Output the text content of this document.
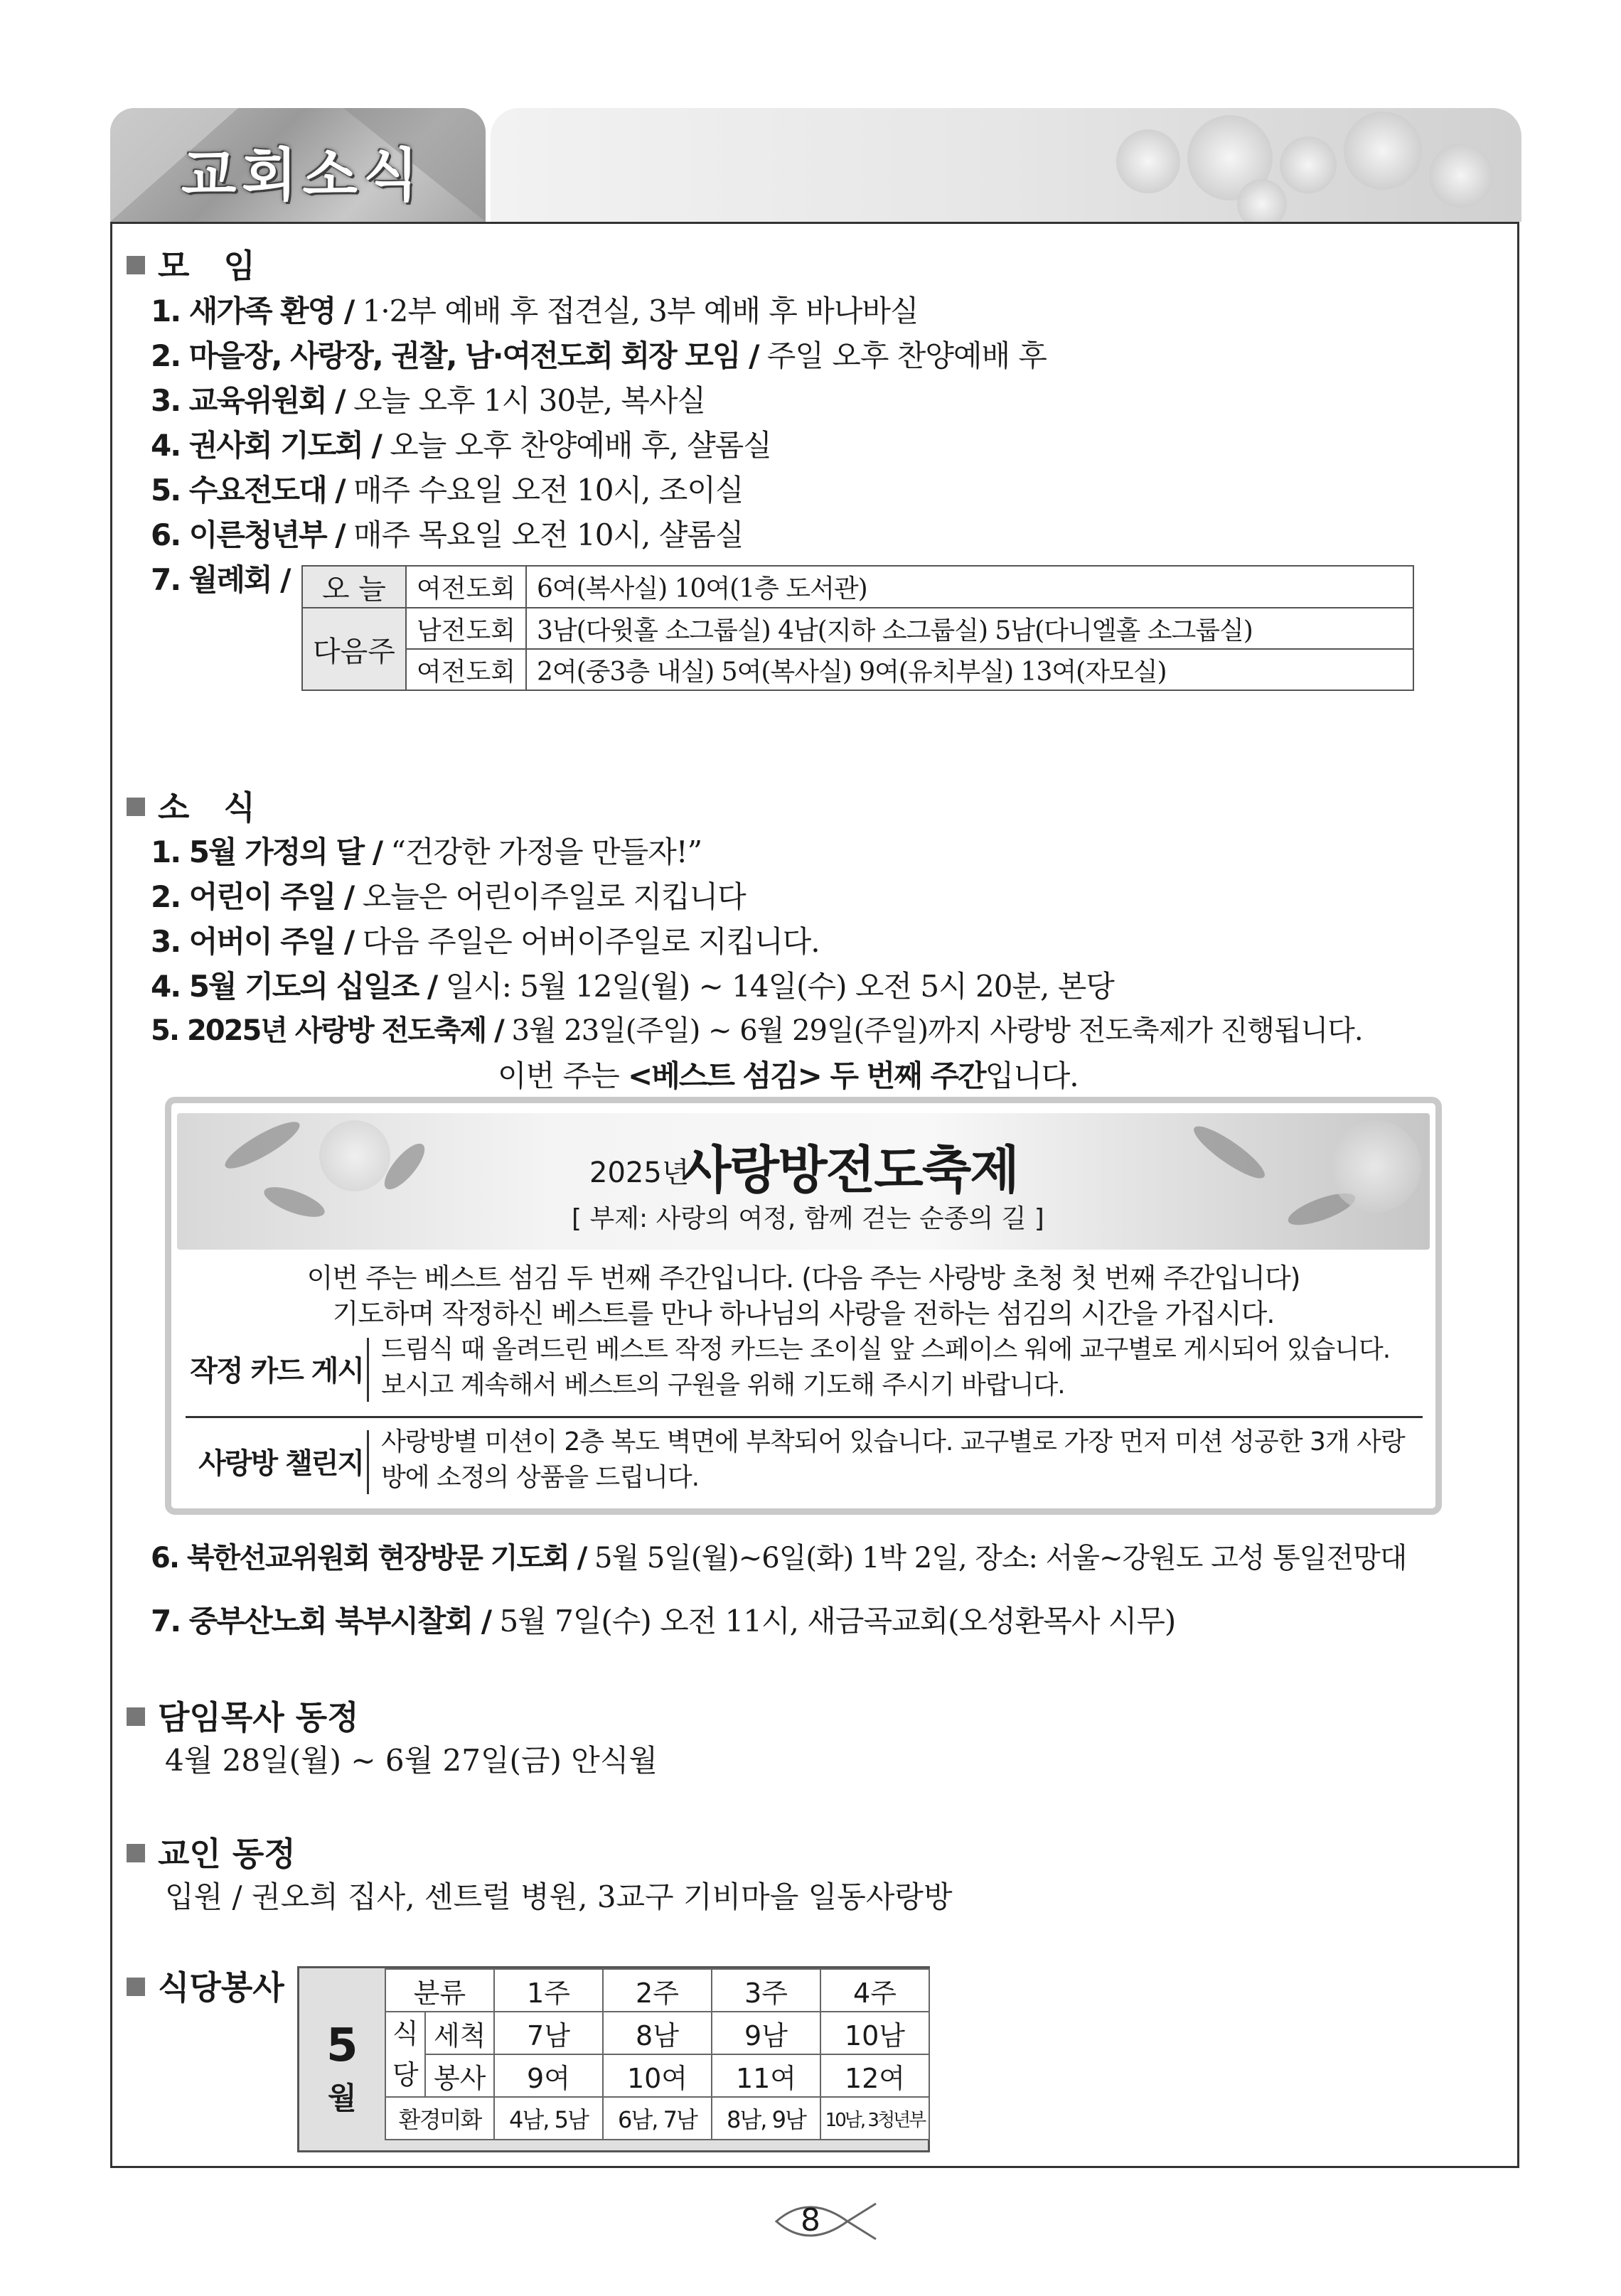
교회소식
모   임
1. 새가족 환영 / 1·2부 예배 후 접견실, 3부 예배 후 바나바실
2. 마을장, 사랑장, 권찰, 남·여전도회 회장 모임 / 주일 오후 찬양예배 후
3. 교육위원회 / 오늘 오후 1시 30분, 복사실
4. 권사회 기도회 / 오늘 오후 찬양예배 후, 샬롬실
5. 수요전도대 / 매주 수요일 오전 10시, 조이실
6. 이른청년부 / 매주 목요일 오전 10시, 샬롬실
7. 월례회 / 오 늘	여전도회	6여(복사실) 10여(1층 도서관)
다음주	남전도회	3남(다윗홀 소그룹실) 4남(지하 소그룹실) 5남(다니엘홀 소그룹실)
	여전도회	2여(중3층 내실) 5여(복사실) 9여(유치부실) 13여(자모실)
소   식
1. 5월 가정의 달 / “건강한 가정을 만들자!”
2. 어린이 주일 / 오늘은 어린이주일로 지킵니다
3. 어버이 주일 / 다음 주일은 어버이주일로 지킵니다.
4. 5월 기도의 십일조 / 일시: 5월 12일(월) ~ 14일(수) 오전 5시 20분, 본당
5. 2025년 사랑방 전도축제 / 3월 23일(주일) ~ 6월 29일(주일)까지 사랑방 전도축제가 진행됩니다.
이번 주는 <베스트 섬김> 두 번째 주간입니다.
2025년
사랑방전도축제
[ 부제: 사랑의 여정, 함께 걷는 순종의 길 ]
이번 주는 베스트 섬김 두 번째 주간입니다. (다음 주는 사랑방 초청 첫 번째 주간입니다)
기도하며 작정하신 베스트를 만나 하나님의 사랑을 전하는 섬김의 시간을 가집시다.
작정 카드 게시
드림식 때 올려드린 베스트 작정 카드는 조이실 앞 스페이스 워에 교구별로 게시되어 있습니다. 보시고 계속해서 베스트의 구원을 위해 기도해 주시기 바랍니다.
사랑방 챌린지
사랑방별 미션이 2층 복도 벽면에 부착되어 있습니다. 교구별로 가장 먼저 미션 성공한 3개 사랑방에 소정의 상품을 드립니다.
6. 북한선교위원회 현장방문 기도회 / 5월 5일(월)~6일(화) 1박 2일, 장소: 서울~강원도 고성 통일전망대
7. 중부산노회 북부시찰회 / 5월 7일(수) 오전 11시, 새금곡교회(오성환목사 시무)
담임목사 동정
4월 28일(월) ~ 6월 27일(금) 안식월
교인 동정
입원 / 권오희 집사, 센트럴 병원, 3교구 기비마을 일동사랑방
식당봉사
5
월
분류		1주	2주	3주	4주

식
당	세척	7남	8남	9남	10남
	봉사	9여	10여	11여	12여
환경미화		4남, 5남	6남, 7남	8남, 9남	10남, 3청년부
8
